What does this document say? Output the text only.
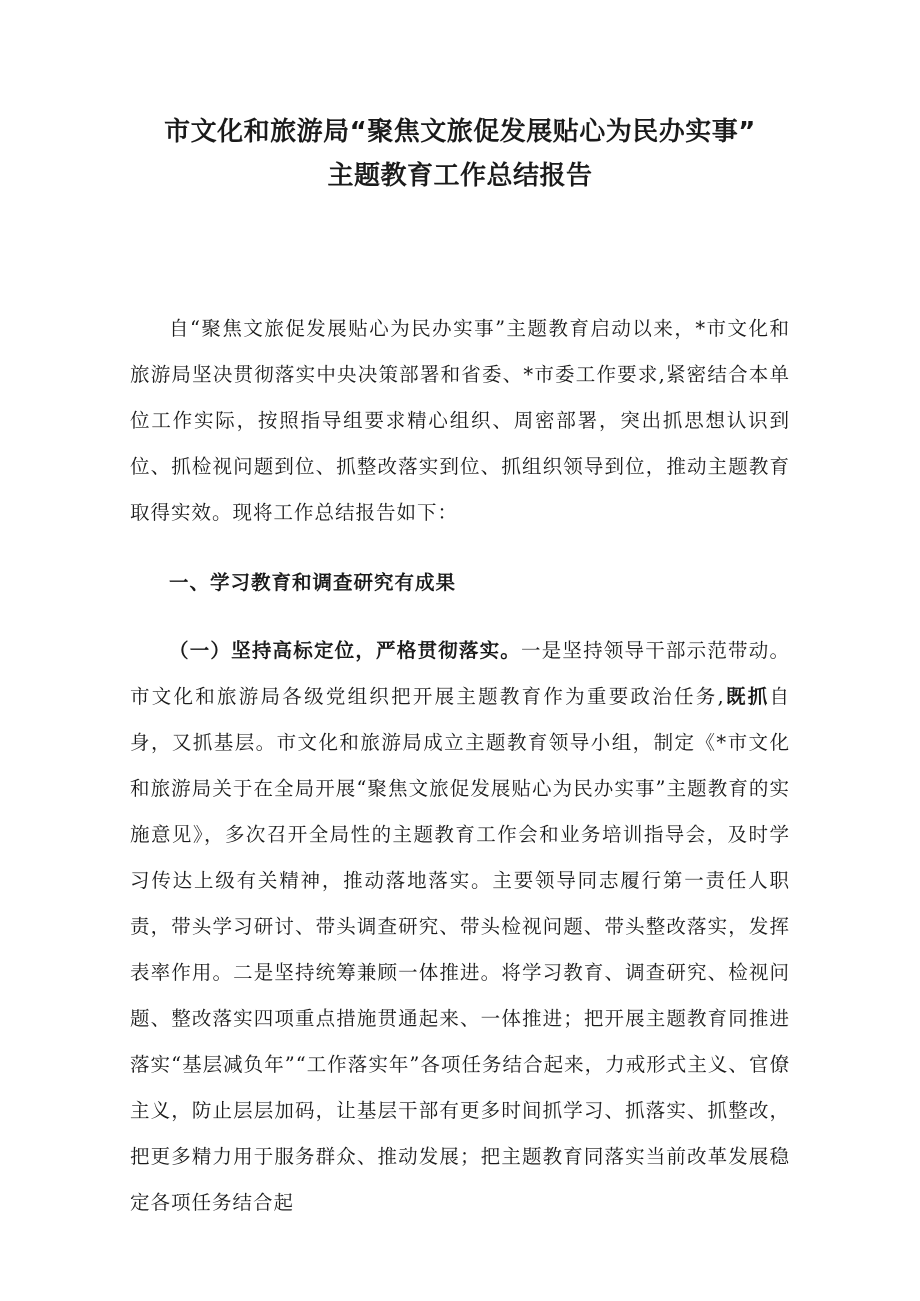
市文化和旅游局“聚焦文旅促发展贴心为民办实事”
主题教育工作总结报告

自“聚焦文旅促发展贴心为民办实事”主题教育启动以来，*市文化和旅游局坚决贯彻落实中央决策部署和省委、*市委工作要求,紧密结合本单位工作实际，按照指导组要求精心组织、周密部署，突出抓思想认识到位、抓检视问题到位、抓整改落实到位、抓组织领导到位，推动主题教育取得实效。现将工作总结报告如下：

一、学习教育和调查研究有成果

（一）坚持高标定位，严格贯彻落实。一是坚持领导干部示范带动。市文化和旅游局各级党组织把开展主题教育作为重要政治任务,既抓自身，又抓基层。市文化和旅游局成立主题教育领导小组，制定《*市文化和旅游局关于在全局开展“聚焦文旅促发展贴心为民办实事”主题教育的实施意见》，多次召开全局性的主题教育工作会和业务培训指导会，及时学习传达上级有关精神，推动落地落实。主要领导同志履行第一责任人职责，带头学习研讨、带头调查研究、带头检视问题、带头整改落实，发挥表率作用。二是坚持统筹兼顾一体推进。将学习教育、调查研究、检视问题、整改落实四项重点措施贯通起来、一体推进；把开展主题教育同推进落实“基层减负年”“工作落实年”各项任务结合起来，力戒形式主义、官僚主义，防止层层加码，让基层干部有更多时间抓学习、抓落实、抓整改，把更多精力用于服务群众、推动发展；把主题教育同落实当前改革发展稳定各项任务结合起
